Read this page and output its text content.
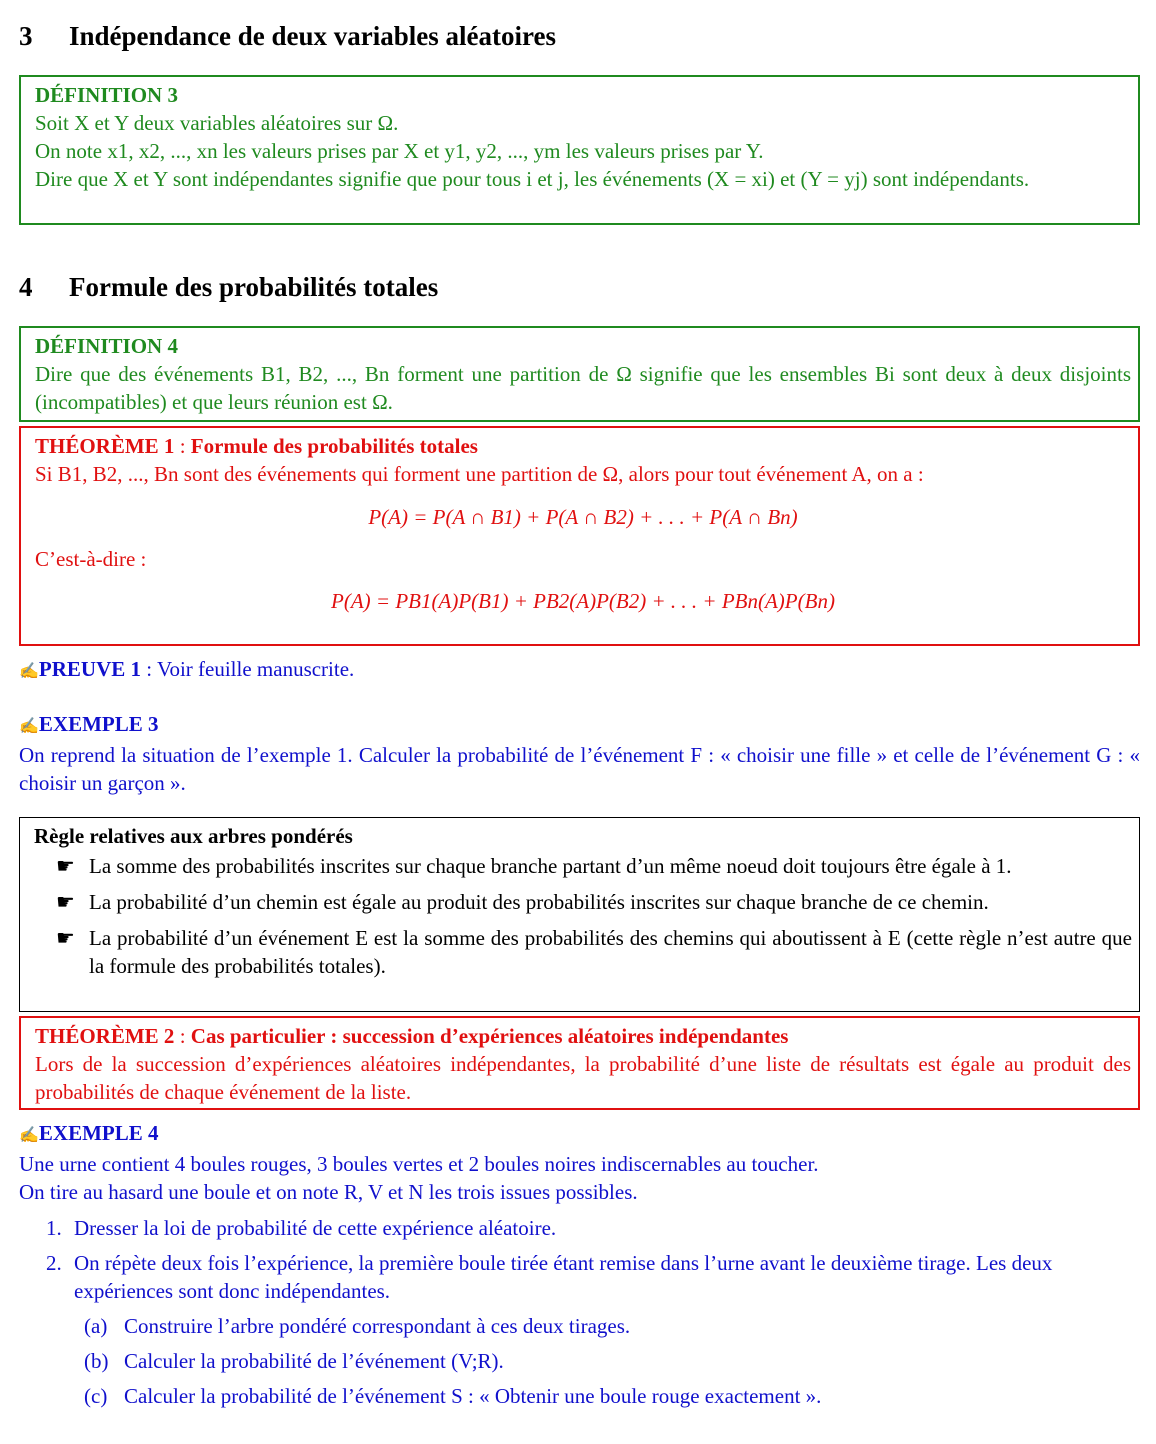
3 Indépendance de deux variables aléatoires
DÉFINITION 3
Soit X et Y deux variables aléatoires sur Ω.
On note x1, x2, ..., xn les valeurs prises par X et y1, y2, ..., ym les valeurs prises par Y.
Dire que X et Y sont indépendantes signifie que pour tous i et j, les événements (X = xi) et (Y = yj) sont indépendants.
4 Formule des probabilités totales
DÉFINITION 4
Dire que des événements B1, B2, ..., Bn forment une partition de Ω signifie que les ensembles Bi sont deux à deux disjoints (incompatibles) et que leurs réunion est Ω.
THÉORÈME 1 : Formule des probabilités totales
Si B1, B2, ..., Bn sont des événements qui forment une partition de Ω, alors pour tout événement A, on a :
P(A) = P(A ∩ B1) + P(A ∩ B2) + . . . + P(A ∩ Bn)
C’est-à-dire :
P(A) = PB1(A)P(B1) + PB2(A)P(B2) + . . . + PBn(A)P(Bn)
✍PREUVE 1 : Voir feuille manuscrite.
✍EXEMPLE 3
On reprend la situation de l’exemple 1. Calculer la probabilité de l’événement F : « choisir une fille » et celle de l’événement G : « choisir un garçon ».
Règle relatives aux arbres pondérés
☛ La somme des probabilités inscrites sur chaque branche partant d’un même noeud doit toujours être égale à 1.
☛ La probabilité d’un chemin est égale au produit des probabilités inscrites sur chaque branche de ce chemin.
☛ La probabilité d’un événement E est la somme des probabilités des chemins qui aboutissent à E (cette règle n’est autre que la formule des probabilités totales).
THÉORÈME 2 : Cas particulier : succession d’expériences aléatoires indépendantes
Lors de la succession d’expériences aléatoires indépendantes, la probabilité d’une liste de résultats est égale au produit des probabilités de chaque événement de la liste.
✍EXEMPLE 4
Une urne contient 4 boules rouges, 3 boules vertes et 2 boules noires indiscernables au toucher.
On tire au hasard une boule et on note R, V et N les trois issues possibles.
1. Dresser la loi de probabilité de cette expérience aléatoire.
2. On répète deux fois l’expérience, la première boule tirée étant remise dans l’urne avant le deuxième tirage. Les deux expériences sont donc indépendantes.
(a) Construire l’arbre pondéré correspondant à ces deux tirages.
(b) Calculer la probabilité de l’événement (V;R).
(c) Calculer la probabilité de l’événement S : « Obtenir une boule rouge exactement ».
